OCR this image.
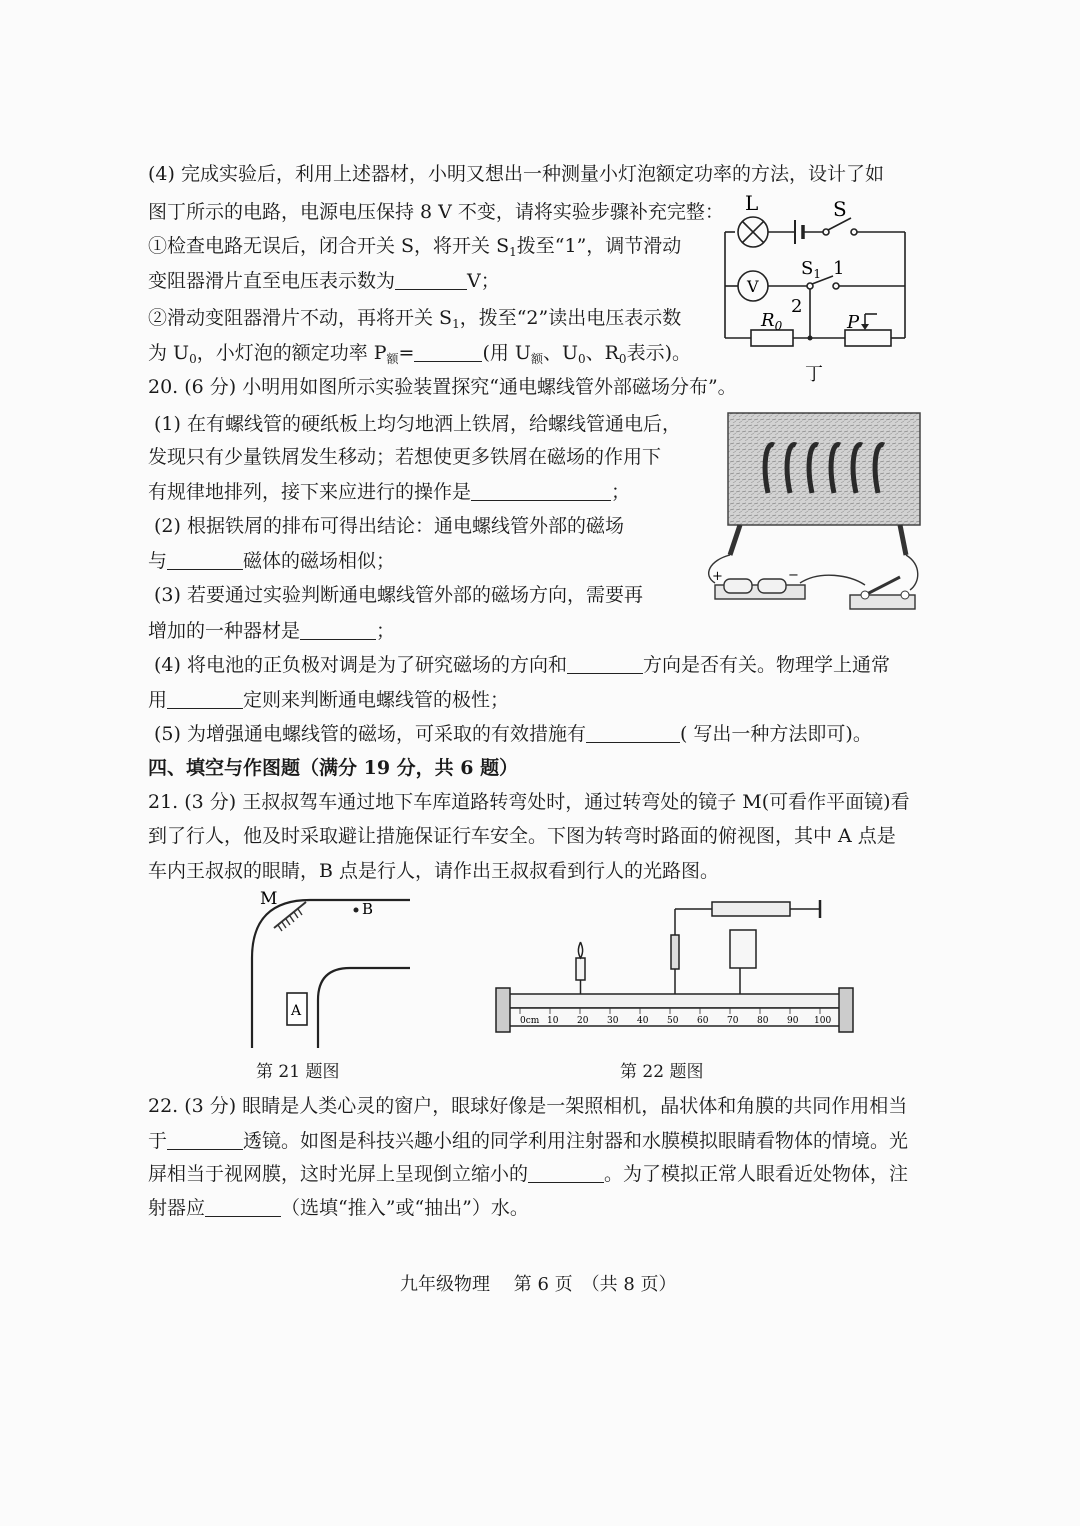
(4) 完成实验后，利用上述器材，小明又想出一种测量小灯泡额定功率的方法，设计了如
图丁所示的电路，电源电压保持 8 V 不变，请将实验步骤补充完整：
①检查电路无误后，闭合开关 S，将开关 $S_1$拨至“1”，调节滑动
变阻器滑片直至电压表示数为	V；
②滑动变阻器滑片不动，再将开关 $S_1$，拨至“2”读出电压表示数
为 $U_0$，小灯泡的额定功率 $P_额=$	(用 $U_额$、$U_0$、$R_0$表示)。
L
V
S
$S_1$ 1
2
$R_0$	P
丁
20. (6 分) 小明用如图所示实验装置探究“通电螺线管外部磁场分布”。
(1) 在有螺线管的硬纸板上均匀地洒上铁屑，给螺线管通电后，
发现只有少量铁屑发生移动；若想使更多铁屑在磁场的作用下
有规律地排列，接下来应进行的操作是	；
(2) 根据铁屑的排布可得出结论：通电螺线管外部的磁场
与	磁体的磁场相似；
(3) 若要通过实验判断通电螺线管外部的磁场方向，需要再
增加的一种器材是	；
(4) 将电池的正负极对调是为了研究磁场的方向和	方向是否有关。物理学上通常
用	定则来判断通电螺线管的极性；
(5) 为增强通电螺线管的磁场，可采取的有效措施有	( 写出一种方法即可)。
+	−
四、填空与作图题（满分 19 分，共 6 题）
21. (3 分) 王叔叔驾车通过地下车库道路转弯处时，通过转弯处的镜子 M(可看作平面镜)看
到了行人，他及时采取避让措施保证行车安全。下图为转弯时路面的俯视图，其中 A 点是
车内王叔叔的眼睛，B 点是行人，请作出王叔叔看到行人的光路图。
M	B
A
第 21 题图
0cm 10 20 30 40 50 60 70 80 90 100
第 22 题图
22. (3 分) 眼睛是人类心灵的窗户，眼球好像是一架照相机，晶状体和角膜的共同作用相当
于	透镜。如图是科技兴趣小组的同学利用注射器和水膜模拟眼睛看物体的情境。光
屏相当于视网膜，这时光屏上呈现倒立缩小的	。为了模拟正常人眼看近处物体，注
射器应	（选填“推入”或“抽出”）水。
九年级物理　 第 6 页　（共 8 页）
